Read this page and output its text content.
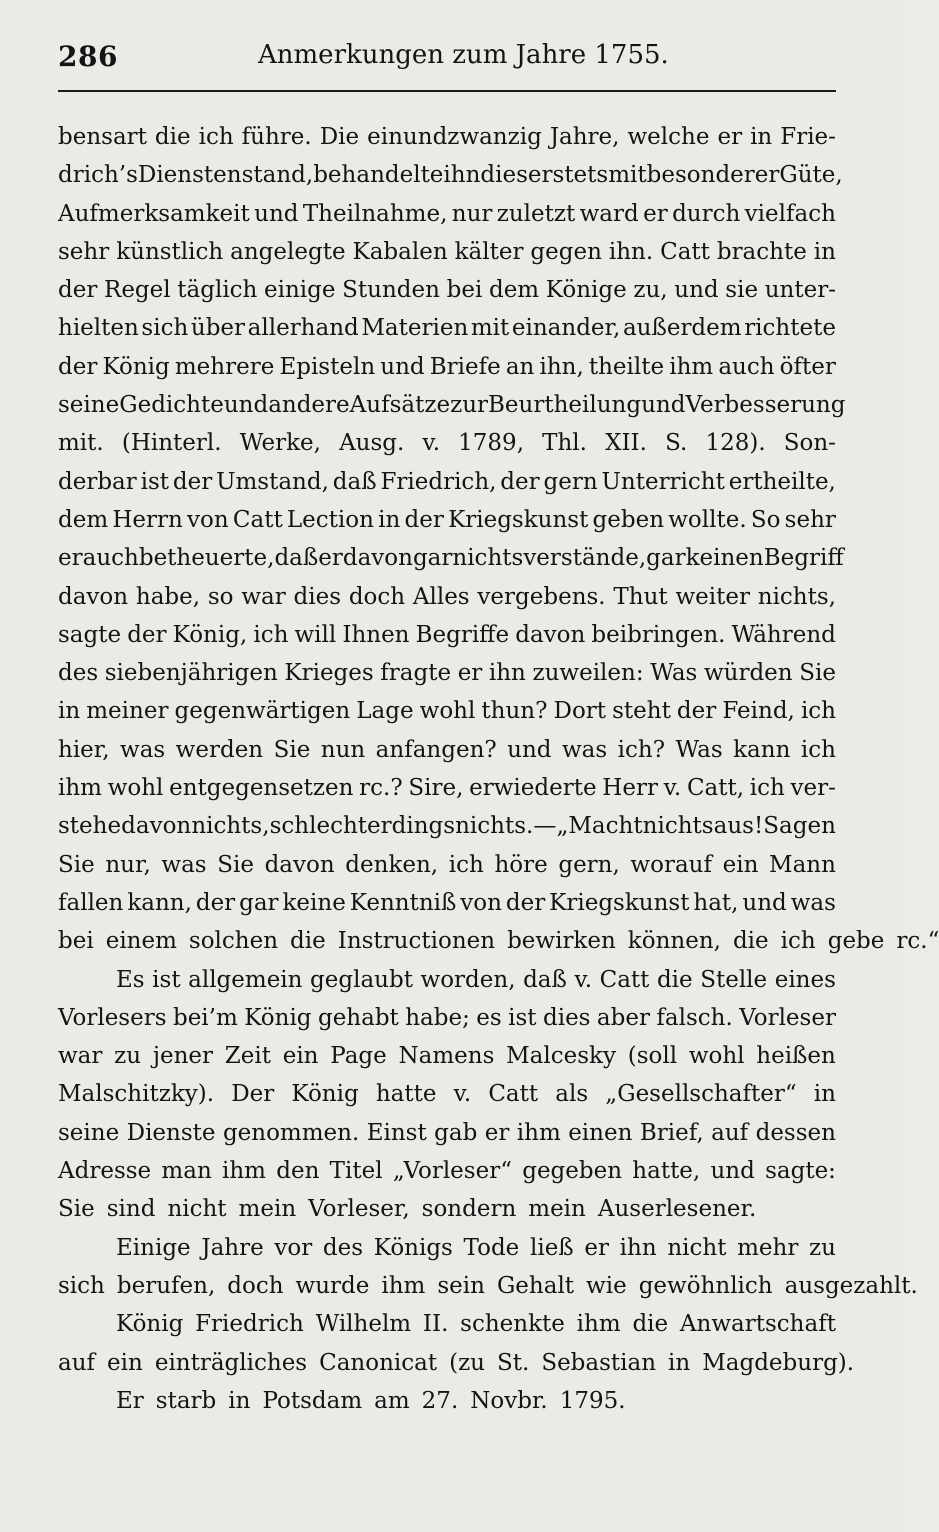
286	Anmerkungen zum Jahre 1755.
bensart die ich führe. Die einundzwanzig Jahre, welche er in Frie-
drich’s Diensten stand, behandelte ihn dieser stets mit besonderer Güte,
Aufmerksamkeit und Theilnahme, nur zuletzt ward er durch vielfach
sehr künstlich angelegte Kabalen kälter gegen ihn. Catt brachte in
der Regel täglich einige Stunden bei dem Könige zu, und sie unter-
hielten sich über allerhand Materien mit einander, außerdem richtete
der König mehrere Episteln und Briefe an ihn, theilte ihm auch öfter
seine Gedichte und andere Aufsätze zur Beurtheilung und Verbesserung
mit. (Hinterl. Werke, Ausg. v. 1789, Thl. XII. S. 128). Son-
derbar ist der Umstand, daß Friedrich, der gern Unterricht ertheilte,
dem Herrn von Catt Lection in der Kriegskunst geben wollte. So sehr
er auch betheuerte, daß er davon gar nichts verstände, gar keinen Begriff
davon habe, so war dies doch Alles vergebens. Thut weiter nichts,
sagte der König, ich will Ihnen Begriffe davon beibringen. Während
des siebenjährigen Krieges fragte er ihn zuweilen: Was würden Sie
in meiner gegenwärtigen Lage wohl thun? Dort steht der Feind, ich
hier, was werden Sie nun anfangen? und was ich? Was kann ich
ihm wohl entgegensetzen rc.? Sire, erwiederte Herr v. Catt, ich ver-
stehe davon nichts, schlechterdings nichts. — „Macht nichts aus! Sagen
Sie nur, was Sie davon denken, ich höre gern, worauf ein Mann
fallen kann, der gar keine Kenntniß von der Kriegskunst hat, und was
bei einem solchen die Instructionen bewirken können, die ich gebe rc.“
Es ist allgemein geglaubt worden, daß v. Catt die Stelle eines
Vorlesers bei’m König gehabt habe; es ist dies aber falsch. Vorleser
war zu jener Zeit ein Page Namens Malcesky (soll wohl heißen
Malschitzky). Der König hatte v. Catt als „Gesellschafter“ in
seine Dienste genommen. Einst gab er ihm einen Brief, auf dessen
Adresse man ihm den Titel „Vorleser“ gegeben hatte, und sagte:
Sie sind nicht mein Vorleser, sondern mein Auserlesener.
Einige Jahre vor des Königs Tode ließ er ihn nicht mehr zu
sich berufen, doch wurde ihm sein Gehalt wie gewöhnlich ausgezahlt.
König Friedrich Wilhelm II. schenkte ihm die Anwartschaft
auf ein einträgliches Canonicat (zu St. Sebastian in Magdeburg).
Er starb in Potsdam am 27. Novbr. 1795.
